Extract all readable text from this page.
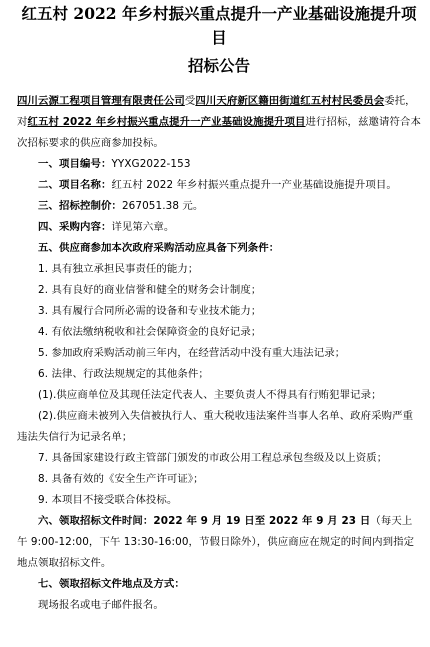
红五村 2022 年乡村振兴重点提升一产业基础设施提升项目
招标公告

四川云源工程项目管理有限责任公司受四川天府新区籍田街道红五村村民委员会委托，对红五村 2022 年乡村振兴重点提升一产业基础设施提升项目进行招标，兹邀请符合本次招标要求的供应商参加投标。

一、项目编号：YYXG2022-153

二、项目名称：红五村 2022 年乡村振兴重点提升一产业基础设施提升项目。

三、招标控制价：267051.38 元。

四、采购内容：详见第六章。

五、供应商参加本次政府采购活动应具备下列条件：

1. 具有独立承担民事责任的能力；

2. 具有良好的商业信誉和健全的财务会计制度；

3. 具有履行合同所必需的设备和专业技术能力；

4. 有依法缴纳税收和社会保障资金的良好记录；

5. 参加政府采购活动前三年内，在经营活动中没有重大违法记录；

6. 法律、行政法规规定的其他条件；

(1).供应商单位及其现任法定代表人、主要负责人不得具有行贿犯罪记录；

(2).供应商未被列入失信被执行人、重大税收违法案件当事人名单、政府采购严重违法失信行为记录名单；

7. 具备国家建设行政主管部门颁发的市政公用工程总承包叁级及以上资质；

8. 具备有效的《安全生产许可证》；

9. 本项目不接受联合体投标。

六、领取招标文件时间：2022 年 9 月 19 日至 2022 年 9 月 23 日（每天上午 9:00-12:00，下午 13:30-16:00，节假日除外），供应商应在规定的时间内到指定地点领取招标文件。

七、领取招标文件地点及方式：

现场报名或电子邮件报名。
